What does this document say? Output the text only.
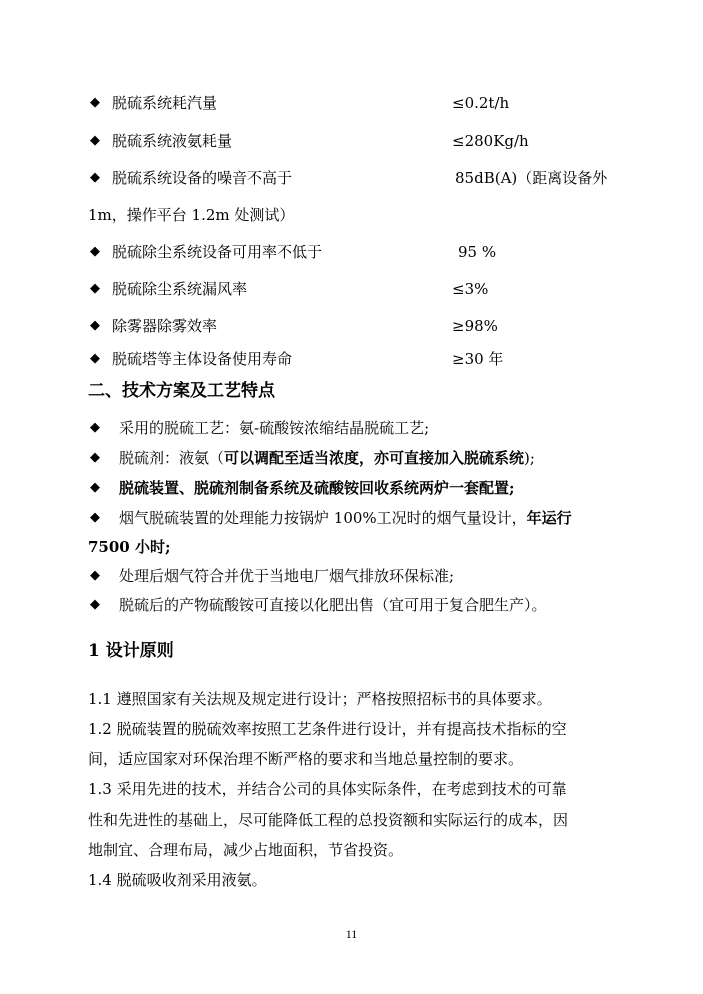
◆ 脱硫系统耗汽量	≤0.2t/h
◆ 脱硫系统液氨耗量	≤280Kg/h
◆ 脱硫系统设备的噪音不高于	85dB(A)（距离设备外
1m，操作平台 1.2m 处测试）
◆ 脱硫除尘系统设备可用率不低于	95 %
◆ 脱硫除尘系统漏风率	≤3%
◆ 除雾器除雾效率	≥98%
◆ 脱硫塔等主体设备使用寿命	≥30 年
二、技术方案及工艺特点
◆ 采用的脱硫工艺：氨-硫酸铵浓缩结晶脱硫工艺;
◆ 脱硫剂：液氨（可以调配至适当浓度，亦可直接加入脱硫系统);
◆ 脱硫装置、脱硫剂制备系统及硫酸铵回收系统两炉一套配置;
◆ 烟气脱硫装置的处理能力按锅炉 100%工况时的烟气量设计，年运行
7500 小时;
◆ 处理后烟气符合并优于当地电厂烟气排放环保标准;
◆ 脱硫后的产物硫酸铵可直接以化肥出售（宜可用于复合肥生产）。
1 设计原则
1.1 遵照国家有关法规及规定进行设计；严格按照招标书的具体要求。
1.2 脱硫装置的脱硫效率按照工艺条件进行设计，并有提高技术指标的空
间，适应国家对环保治理不断严格的要求和当地总量控制的要求。
1.3 采用先进的技术，并结合公司的具体实际条件，在考虑到技术的可靠
性和先进性的基础上，尽可能降低工程的总投资额和实际运行的成本，因
地制宜、合理布局，减少占地面积，节省投资。
1.4 脱硫吸收剂采用液氨。
11
